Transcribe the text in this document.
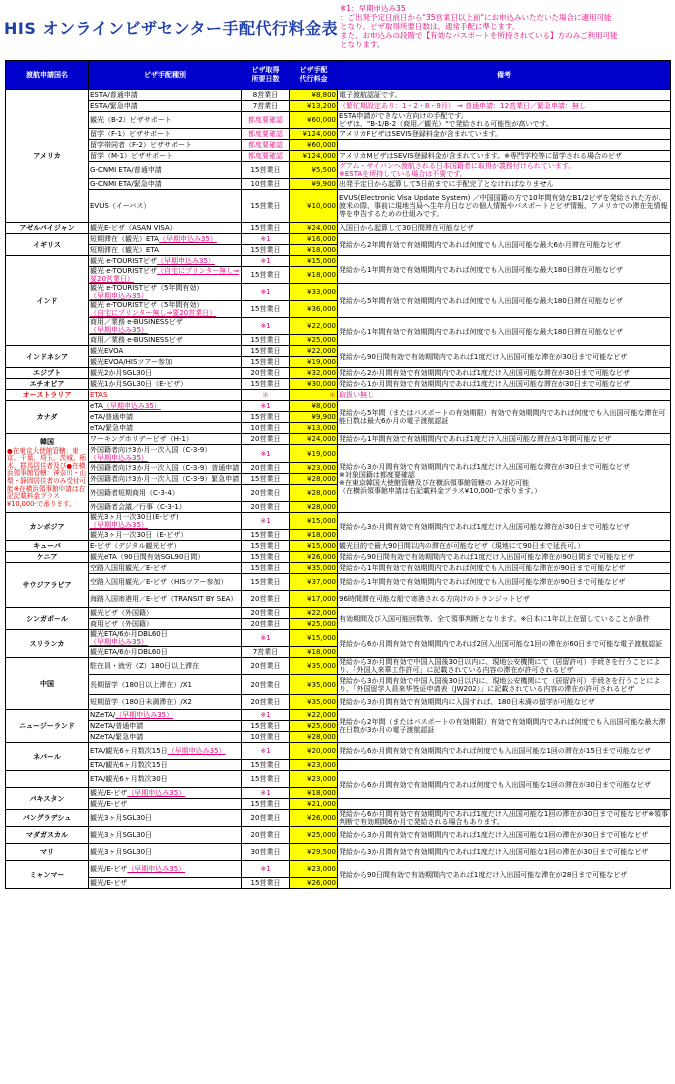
HIS オンラインビザセンター手配代行料金表
※1：早期申込み35
：ご出発予定日前日から"35営業日以上前"にお申込みいただいた場合に適用可能
となり、ビザ取得所要日数は、通常手配に準じます。
また、お申込みの段階で【有効なパスポートを所持されている】方のみご利用可能
となります。
渡航申請国名	ビザ手配種別	ビザ取得
所要日数	ビザ手配
代行料金	備考
アメリカ	ESTA/普通申請	8営業日	¥8,800	電子渡航認証です。
	ESTA/緊急申請	7営業日	¥13,200	（繁忙期設定あり：1・2・8・9月） ⇒ 普通申請：12営業日／緊急申請：無し
	観光（B-2）ビザサポート	都度要確認	¥60,000	ESTA申請ができない方向けの手配です。
ビザは、"B-1/B-2（商用／観光）"で発給される可能性が高いです。
	留学（F-1）ビザサポート	都度要確認	¥124,000	アメリカFビザはSEVIS登録料金が含まれています。
	留学帯同者（F-2）ビザサポート	都度要確認	¥60,000	
	留学（M-1）ビザサポート	都度要確認	¥124,000	アメリカMビザはSEVIS登録料金が含まれています。※専門学校等に留学される場合のビザ
	G-CNMI ETA/普通申請	15営業日	¥5,500	グアム・サイパンへ渡航される日本国籍者に取得が義務付けられています。
※ESTAを所持している場合は不要です。
	G-CNMI ETA/緊急申請	10営業日	¥9,900	出発予定日から起算して5日前までに手配完了となければなりません
	EVUS（イーバス）	15営業日	¥10,000	EVUS(Electronic Visa Update System) ／中国国籍の方で10年間有効なB1/2ビザを発給された方が、渡米の際、事前に現地当局へ生年月日などの個人情報やパスポートとビザ情報、アメリカでの滞在先情報等を申告するための仕組みです。
アゼルバイジャン	観光E-ビザ（ASAN VISA）	15営業日	¥24,000	入国日から起算して30日間滞在可能なビザ
イギリス	短期滞在（観光）ETA（早期申込み35）	※1	¥16,000	発給から2年間有効で有効期間内であれば何度でも入出国可能な最大6か月滞在可能なビザ
	短期滞在（観光）ETA	15営業日	¥18,000	
インド	観光 e-TOURISTビザ（早期申込み35）	※1	¥15,000	発給から1年間有効で有効期間内であれば何度でも入出国可能な最大180日滞在可能なビザ
	観光 e-TOURISTビザ（自宅にプリンター無し⇒要20営業日）	15営業日	¥18,000	
	観光 e-TOURISTビザ（5年間有効）
（早期申込み35）	※1	¥33,000	発給から5年間有効で有効期間内であれば何度でも入出国可能な最大180日滞在可能なビザ
	観光 e-TOURISTビザ（5年間有効）
（自宅にプリンター無し⇒要20営業日）	15営業日	¥36,000	
	商用／業務 e-BUSINESSビザ
（早期申込み35）	※1	¥22,000	発給から1年間有効で有効期間内であれば何度でも入出国可能な最大180日滞在可能なビザ
	商用／業務 e-BUSINESSビザ	15営業日	¥25,000	
インドネシア	観光EVOA	15営業日	¥22,000	発給から90日間有効で有効期間内であれば1度だけ入出国可能な滞在が30日まで可能なビザ
	観光EVOA/HISツアー参加	15営業日	¥19,000	
エジプト	観光2か月SGL30日	20営業日	¥32,000	発給から2か月間有効で有効期間内であれば1度だけ入出国可能な滞在が30日まで可能なビザ
エチオピア	観光1か月SGL30日（E-ビザ）	15営業日	¥30,000	発給から1か月間有効で有効期間内であれば1度だけ入出国可能な滞在が30日まで可能なビザ
オーストラリア	ETAS	＊	＊	取扱い無し
カナダ	eTA（早期申込み35）	※1	¥8,000	発給から5年間（またはパスポートの有効期限）有効で有効期間内であれば何度でも入出国可能な滞在可能日数は最大6か月の電子渡航認証
	eTA/普通申請	15営業日	¥9,900	
	eTA/緊急申請	10営業日	¥13,000	

韓国
●在東京大使館管轄：東京、千葉、埼玉、茨城、栃木、群馬居住者及び●在横浜領事館管轄：神奈川・山梨・静岡居住者のみ受付可能※在横浜領事館申請は右記記載料金プラス¥10,000-で承ります。	ワーキングホリデービザ（H-1）	20営業日	¥24,000	発給から1年間有効で有効期間内であれば1度だけ入出国可能な滞在が1年間可能なビザ
	外国籍者向け3か月一次入国（C-3-9）
（早期申込み35）	※1	¥19,000	発給から3か月間有効で有効期間内であれば1度だけ入出国可能な滞在が30日まで可能なビザ
※対象国籍は都度要確認
※在東京韓国大使館管轄及び在横浜領事館管轄の み対応可能
（在横浜領事館申請は右記載料金プラス¥10,000-で承ります。）
	外国籍者向け3か月一次入国（C-3-9）普通申請	20営業日	¥23,000	
	外国籍者向け3か月一次入国（C-3-9）緊急申請	15営業日	¥28,000	
	外国籍者短期商用（C-3-4）	20営業日	¥28,000	
	外国籍者会議／行事（C-3-1）	20営業日	¥28,000	
カンボジア	観光3ヶ月一次30日(E-ビザ)
（早期申込み35）	※1	¥15,000	発給から3か月間有効で有効期間内であれば1度だけ入出国可能な滞在が30日まで可能なビザ
	観光3ヶ月一次30日（E-ビザ）	15営業日	¥18,000	
キューバ	E-ビザ（デジタル観光ビザ）	15営業日	¥15,000	観光目的で最大90日間以内の滞在が可能なビザ（現地にて90日まで延長可。）
ケニア	観光eTA（90日間有効SGL90日間）	15営業日	¥26,000	発給から90日間有効で有効期間内であれば1度だけ入出国可能な滞在が90日間まで可能なビザ
サウジアラビア	空路入国用観光／E-ビザ	15営業日	¥35,000	発給から1年間有効で有効期間内であれば何度でも入出国可能な滞在が90日まで可能なビザ
	空路入国用観光／E-ビザ（HISツアー参加）	15営業日	¥37,000	発給から1年間有効で有効期間内であれば何度でも入出国可能な滞在が90日まで可能なビザ
	海路入国寄港用／E-ビザ（TRANSIT BY SEA）	20営業日	¥17,000	96時間滞在可能な船で寄港される方向けのトランジットビザ
シンガポール	観光ビザ（外国籍）	20営業日	¥22,000	有効期間及び入国可能回数等、全て領事判断となります。※日本に1年以上在留していることが条件
	商用ビザ（外国籍）	20営業日	¥25,000	
スリランカ	観光ETA/6か月DBL60日
（早期申込み35）	※1	¥15,000	発給から6か月間有効で有効期間内であれば2回入出国可能な1回の滞在が60日まで可能な電子渡航認証
	観光ETA/6か月DBL60日	7営業日	¥18,000	
中国	駐在員・就労（Z）180日以上滞在	20営業日	¥35,000	発給から3か月間有効で中国入国後30日以内に、現地公安機関にて（居留許可）手続きを行うことにより、「外国人来華工作許可」に記載されている内容の滞在が許可されるビザ
	長期留学（180日以上滞在）/X1	20営業日	¥35,000	発給から3か月間有効で中国入国後30日以内に、現地公安機関にて（居留許可）手続きを行うことにより、「外国留学人員来华签证申请表（JW202）」に記載されている内容の滞在が許可されるビザ
	短期留学（180日未満滞在）/X2	20営業日	¥35,000	発給から3か月間有効で有効期間内に入国すれば、180日未満の留学が可能なビザ
ニュージーランド	NZeTA/（早期申込み35）	※1	¥22,000	発給から2年間（またはパスポートの有効期限）有効で有効期間内であれば何度でも入出国可能な最大滞在日数が3か月の電子渡航認証
	NZeTA/普通申請	15営業日	¥25,000	
	NZeTA/緊急申請	10営業日	¥28,000	
ネパール	ETA/観光6ヶ月数次15日（早期申込み35）	※1	¥20,000	発給から6か月間有効で有効期間内であれば何度でも入出国可能な1回の滞在が15日まで可能なビザ
	ETA/観光6ヶ月数次15日	15営業日	¥23,000	
	ETA/観光6ヶ月数次30日	15営業日	¥23,000	発給から6か月間有効で有効期間内であれば何度でも入出国可能な1回の滞在が30日まで可能なビザ
パキスタン	観光/E-ビザ（早期申込み35）	※1	¥18,000	
	観光/E-ビザ	15営業日	¥21,000	
バングラデシュ	観光3ヶ月SGL30日	20営業日	¥26,000	発給から6か月間有効で有効期間内であれば1度だけ入出国可能な1回の滞在が30日まで可能なビザ※領事判断で有効期間6か月で発給される場合もあります。
マダガスカル	観光3ヶ月SGL30日	20営業日	¥25,000	発給から3か月間有効で有効期間内であれば1度だけ入出国可能な1回の滞在が30日まで可能なビザ
マリ	観光3ヶ月SGL30日	30営業日	¥29,500	発給から3か月間有効で有効期間内であれば1度だけ入出国可能な1回の滞在が30日まで可能なビザ
ミャンマー	観光/E-ビザ（早期申込み35）	※1	¥23,000	発給から90日間有効で有効期間内であれば1度だけ入出国可能な滞在が28日まで可能なビザ
	観光/E-ビザ	15営業日	¥26,000	
